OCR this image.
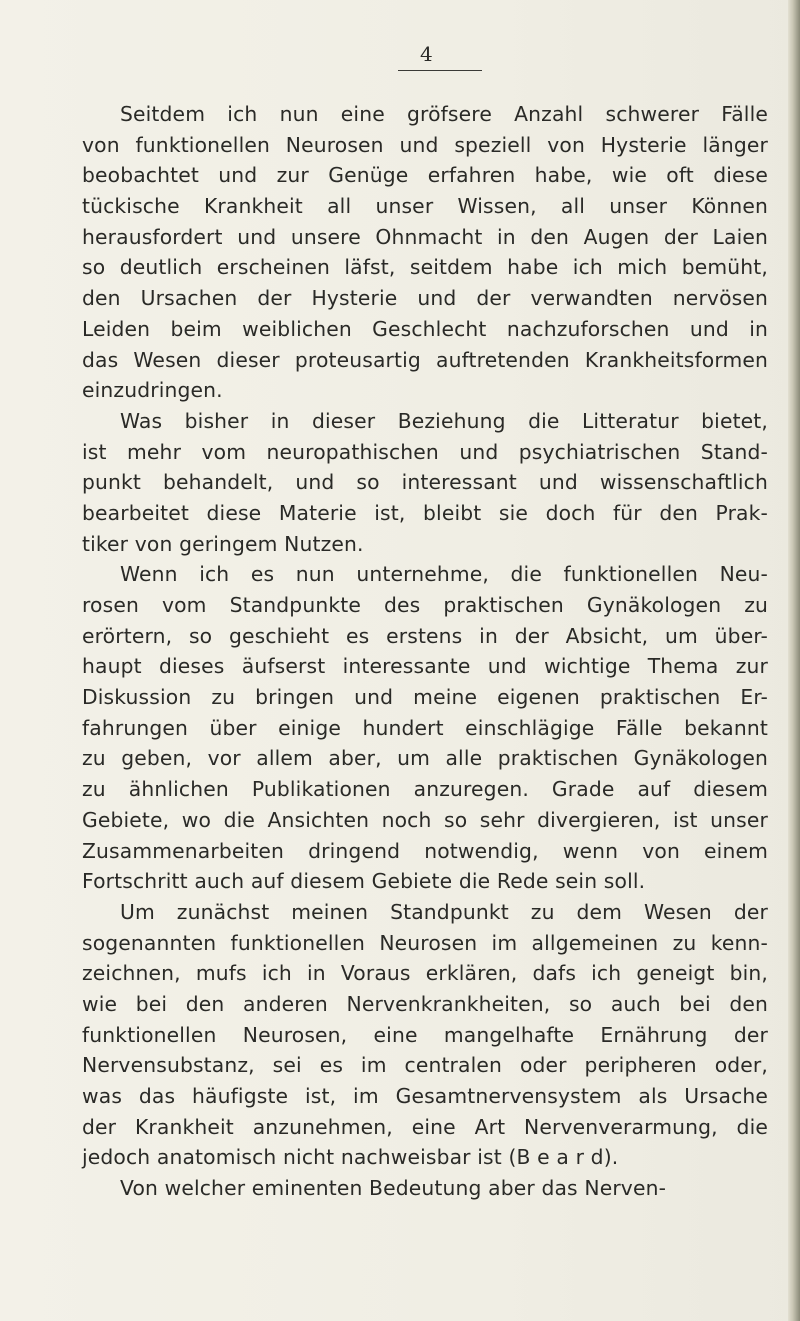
4
Seitdem ich nun eine gröfsere Anzahl schwerer Fälle
von funktionellen Neurosen und speziell von Hysterie länger
beobachtet und zur Genüge erfahren habe, wie oft diese
tückische Krankheit all unser Wissen, all unser Können
herausfordert und unsere Ohnmacht in den Augen der Laien
so deutlich erscheinen läfst, seitdem habe ich mich bemüht,
den Ursachen der Hysterie und der verwandten nervösen
Leiden beim weiblichen Geschlecht nachzuforschen und in
das Wesen dieser proteusartig auftretenden Krankheitsformen
einzudringen.
Was bisher in dieser Beziehung die Litteratur bietet,
ist mehr vom neuropathischen und psychiatrischen Stand-
punkt behandelt, und so interessant und wissenschaftlich
bearbeitet diese Materie ist, bleibt sie doch für den Prak-
tiker von geringem Nutzen.
Wenn ich es nun unternehme, die funktionellen Neu-
rosen vom Standpunkte des praktischen Gynäkologen zu
erörtern, so geschieht es erstens in der Absicht, um über-
haupt dieses äufserst interessante und wichtige Thema zur
Diskussion zu bringen und meine eigenen praktischen Er-
fahrungen über einige hundert einschlägige Fälle bekannt
zu geben, vor allem aber, um alle praktischen Gynäkologen
zu ähnlichen Publikationen anzuregen. Grade auf diesem
Gebiete, wo die Ansichten noch so sehr divergieren, ist unser
Zusammenarbeiten dringend notwendig, wenn von einem
Fortschritt auch auf diesem Gebiete die Rede sein soll.
Um zunächst meinen Standpunkt zu dem Wesen der
sogenannten funktionellen Neurosen im allgemeinen zu kenn-
zeichnen, mufs ich in Voraus erklären, dafs ich geneigt bin,
wie bei den anderen Nervenkrankheiten, so auch bei den
funktionellen Neurosen, eine mangelhafte Ernährung der
Nervensubstanz, sei es im centralen oder peripheren oder,
was das häufigste ist, im Gesamtnervensystem als Ursache
der Krankheit anzunehmen, eine Art Nervenverarmung, die
jedoch anatomisch nicht nachweisbar ist (B e a r d).
Von welcher eminenten Bedeutung aber das Nerven-
